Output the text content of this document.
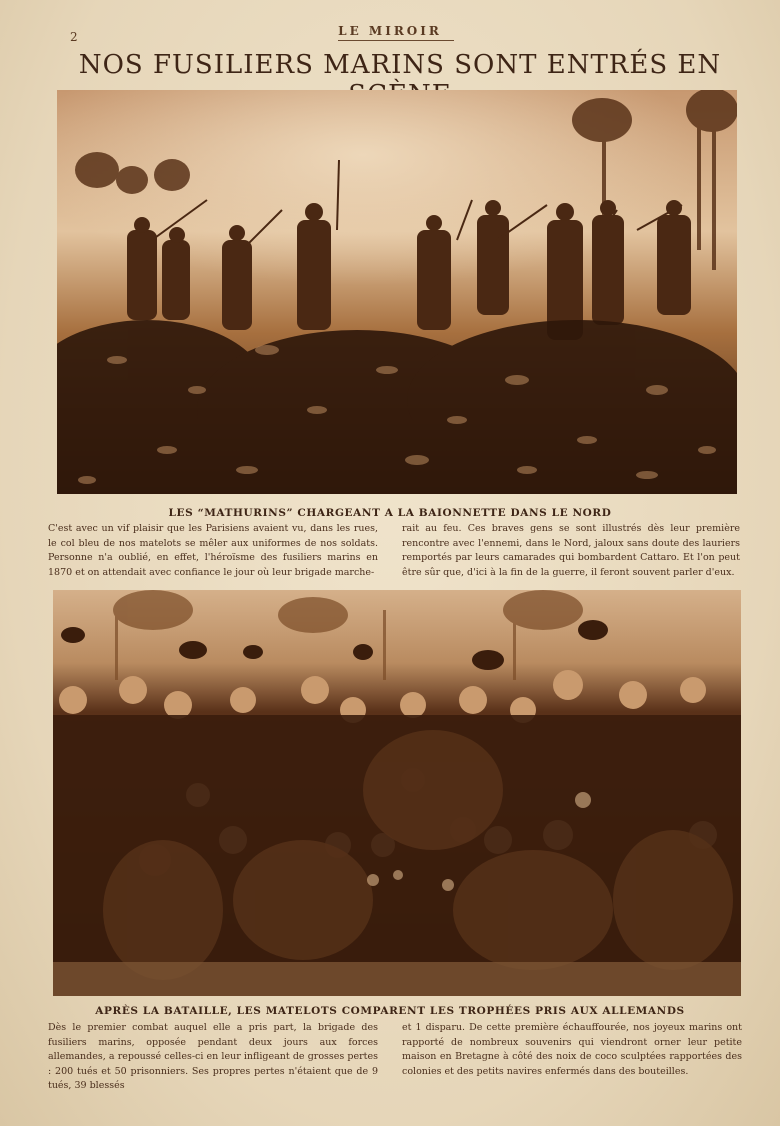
2	LE MIROIR
NOS FUSILIERS MARINS SONT ENTRÉS EN
LES “MATHURINS” CHARGEANT A LA BAIONNETTE DANS LE NORD
C'est avec un vif plaisir que les Parisiens avaient vu, dans les rues, le col bleu de nos matelots se mêler aux uniformes de nos soldats. Personne n'a oublié, en effet, l'héroïsme des fusiliers marins en 1870 et on attendait avec confiance le jour où leur brigade marche-
rait au feu. Ces braves gens se sont illustrés dès leur première rencontre avec l'ennemi, dans le Nord, jaloux sans doute des lauriers remportés par leurs camarades qui bombardent Cattaro. Et l'on peut être sûr que, d'ici à la fin de la guerre, il feront souvent parler d'eux.
APRÈS LA BATAILLE, LES MATELOTS COMPARENT LES TROPHÉES PRIS AUX ALLEMANDS
Dès le premier combat auquel elle a pris part, la brigade des fusiliers marins, opposée pendant deux jours aux forces allemandes, a repoussé celles-ci en leur infligeant de grosses pertes : 200 tués et 50 prisonniers. Ses propres pertes n'étaient que de 9 tués, 39 blessés
et 1 disparu. De cette première échauffourée, nos joyeux marins ont rapporté de nombreux souvenirs qui viendront orner leur petite maison en Bretagne à côté des noix de coco sculptées rapportées des colonies et des petits navires enfermés dans des bouteilles.
